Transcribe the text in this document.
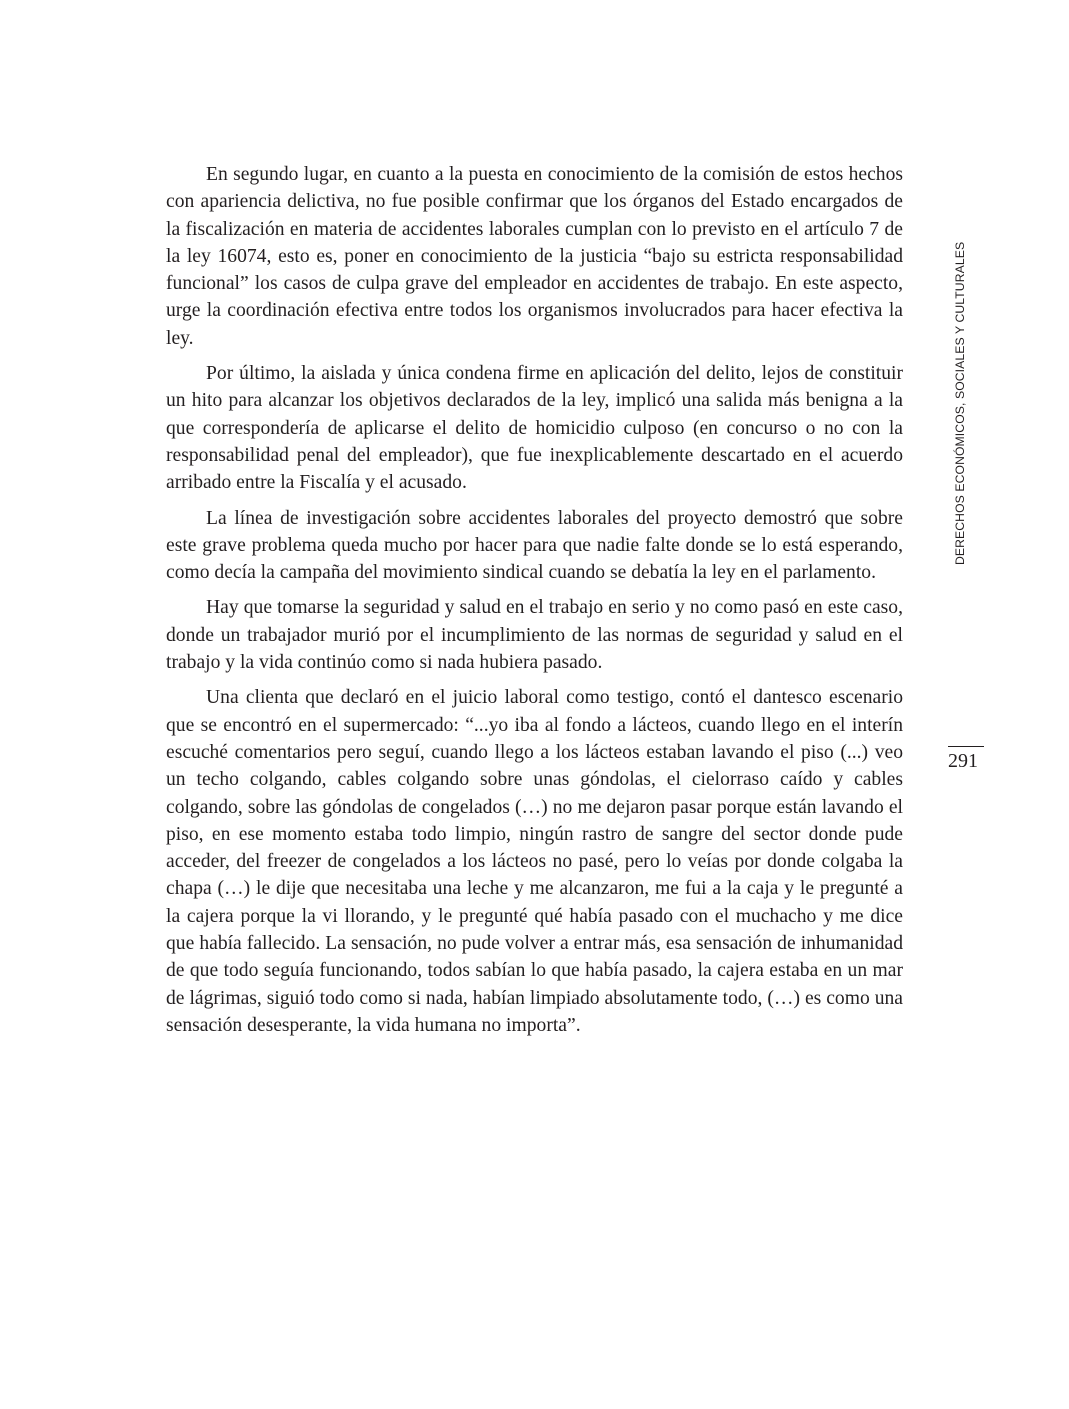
En segundo lugar, en cuanto a la puesta en conocimiento de la comisión de estos hechos con apariencia delictiva, no fue posible confirmar que los órganos del Estado encargados de la fiscalización en materia de accidentes laborales cumplan con lo previsto en el artículo 7 de la ley 16074, esto es, poner en conocimiento de la justicia “bajo su estricta responsabilidad funcional” los casos de culpa grave del empleador en accidentes de trabajo. En este aspecto, urge la coordinación efectiva entre todos los organismos involucrados para hacer efectiva la ley.

Por último, la aislada y única condena firme en aplicación del delito, lejos de constituir un hito para alcanzar los objetivos declarados de la ley, implicó una salida más benigna a la que correspondería de aplicarse el delito de homicidio culposo (en concurso o no con la responsabilidad penal del empleador), que fue inexplicablemente descartado en el acuerdo arribado entre la Fiscalía y el acusado.

La línea de investigación sobre accidentes laborales del proyecto demostró que sobre este grave problema queda mucho por hacer para que nadie falte donde se lo está esperando, como decía la campaña del movimiento sindical cuando se debatía la ley en el parlamento.

Hay que tomarse la seguridad y salud en el trabajo en serio y no como pasó en este caso, donde un trabajador murió por el incumplimiento de las normas de seguridad y salud en el trabajo y la vida continúo como si nada hubiera pasado.

Una clienta que declaró en el juicio laboral como testigo, contó el dantesco escenario que se encontró en el supermercado: “...yo iba al fondo a lácteos, cuando llego en el interín escuché comentarios pero seguí, cuando llego a los lácteos estaban lavando el piso (...) veo un techo colgando, cables colgando sobre unas góndolas, el cielorraso caído y cables colgando, sobre las góndolas de congelados (…) no me dejaron pasar porque están lavando el piso, en ese momento estaba todo limpio, ningún rastro de sangre del sector donde pude acceder, del freezer de congelados a los lácteos no pasé, pero lo veías por donde colgaba la chapa (…) le dije que necesitaba una leche y me alcanzaron, me fui a la caja y le pregunté a la cajera porque la vi llorando, y le pregunté qué había pasado con el muchacho y me dice que había fallecido. La sensación, no pude volver a entrar más, esa sensación de inhumanidad de que todo seguía funcionando, todos sabían lo que había pasado, la cajera estaba en un mar de lágrimas, siguió todo como si nada, habían limpiado absolutamente todo, (…) es como una sensación desesperante, la vida humana no importa”.

DERECHOS ECONÓMICOS, SOCIALES Y CULTURALES
291
